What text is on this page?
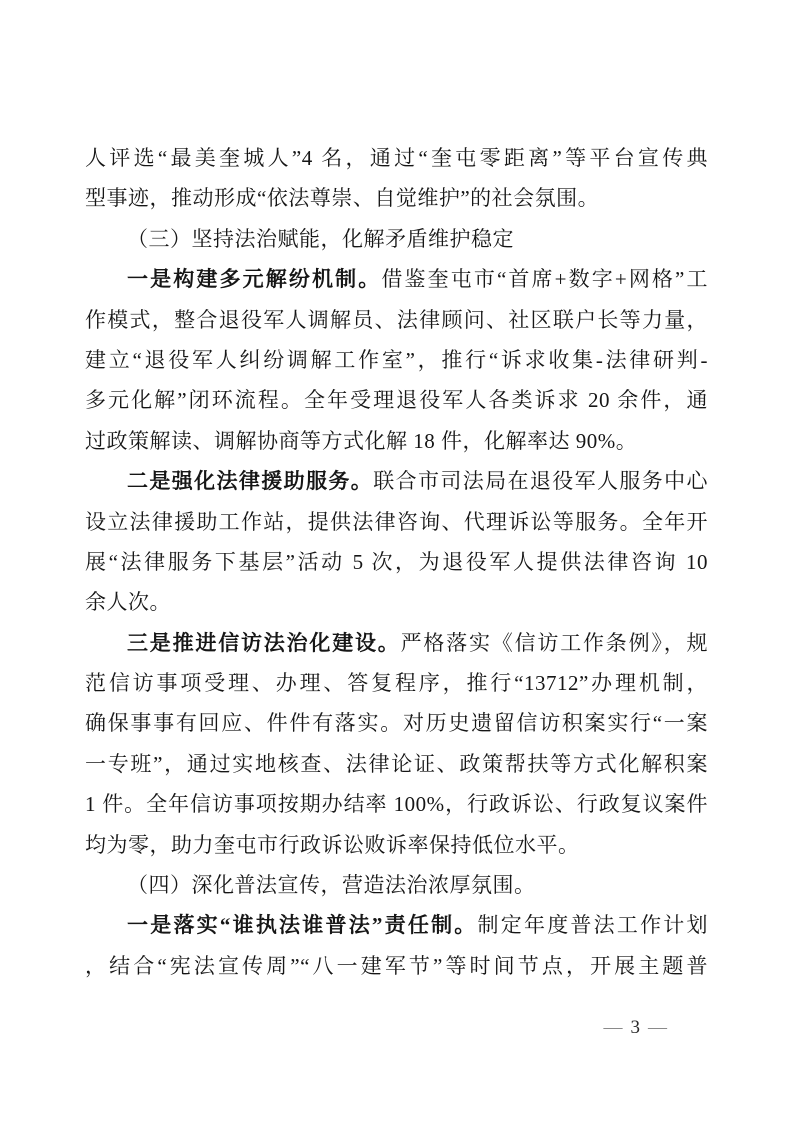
人评选“最美奎城人”4 名，通过“奎屯零距离”等平台宣传典
型事迹，推动形成“依法尊崇、自觉维护”的社会氛围。
（三）坚持法治赋能，化解矛盾维护稳定
一是构建多元解纷机制。借鉴奎屯市“首席+数字+网格”工
作模式，整合退役军人调解员、法律顾问、社区联户长等力量，
建立“退役军人纠纷调解工作室”，推行“诉求收集-法律研判-
多元化解”闭环流程。全年受理退役军人各类诉求 20 余件，通
过政策解读、调解协商等方式化解 18 件，化解率达 90%。
二是强化法律援助服务。联合市司法局在退役军人服务中心
设立法律援助工作站，提供法律咨询、代理诉讼等服务。全年开
展“法律服务下基层”活动 5 次，为退役军人提供法律咨询 10
余人次。
三是推进信访法治化建设。严格落实《信访工作条例》，规
范信访事项受理、办理、答复程序，推行“13712”办理机制，
确保事事有回应、件件有落实。对历史遗留信访积案实行“一案
一专班”，通过实地核查、法律论证、政策帮扶等方式化解积案
1 件。全年信访事项按期办结率 100%，行政诉讼、行政复议案件
均为零，助力奎屯市行政诉讼败诉率保持低位水平。
（四）深化普法宣传，营造法治浓厚氛围。
一是落实“谁执法谁普法”责任制。制定年度普法工作计划
，结合“宪法宣传周”“八一建军节”等时间节点，开展主题普
— 3 —
